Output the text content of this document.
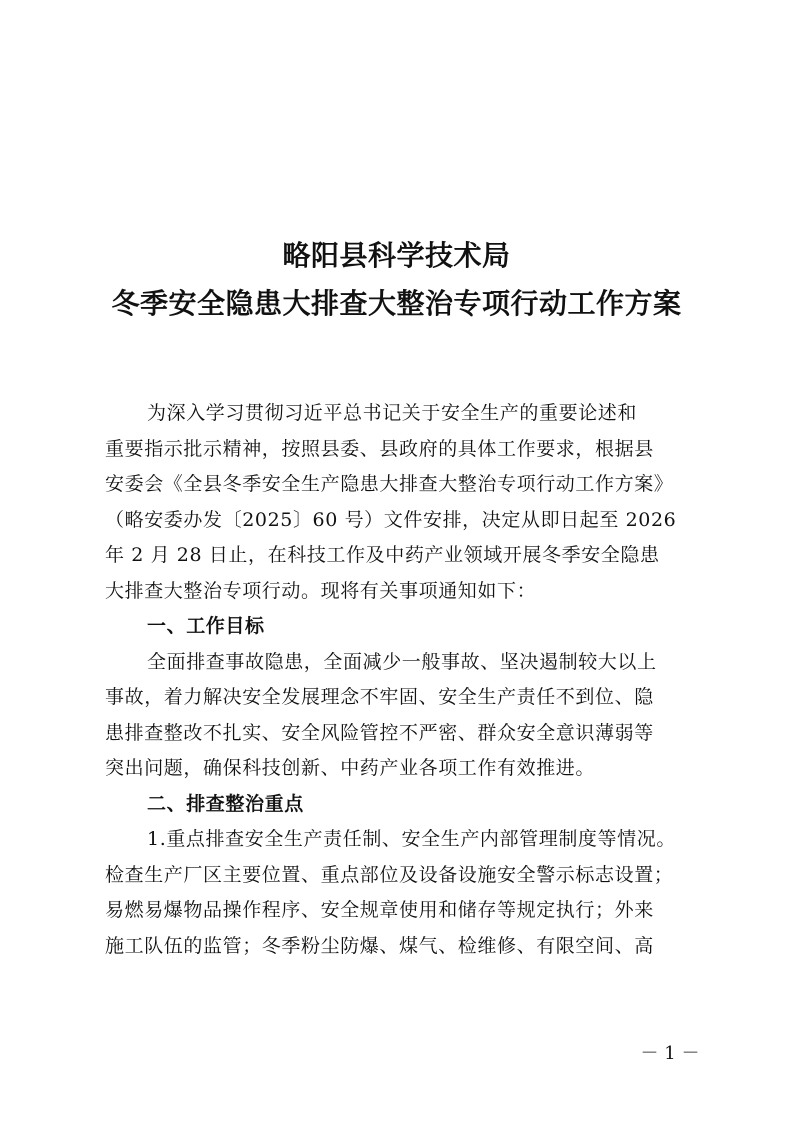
略阳县科学技术局
冬季安全隐患大排查大整治专项行动工作方案
为深入学习贯彻习近平总书记关于安全生产的重要论述和
重要指示批示精神，按照县委、县政府的具体工作要求，根据县
安委会《全县冬季安全生产隐患大排查大整治专项行动工作方案》
（略安委办发〔2025〕60 号）文件安排，决定从即日起至 2026
年 2 月 28 日止，在科技工作及中药产业领域开展冬季安全隐患
大排查大整治专项行动。现将有关事项通知如下：
一、工作目标
全面排查事故隐患，全面减少一般事故、坚决遏制较大以上
事故，着力解决安全发展理念不牢固、安全生产责任不到位、隐
患排查整改不扎实、安全风险管控不严密、群众安全意识薄弱等
突出问题，确保科技创新、中药产业各项工作有效推进。
二、排查整治重点
1.重点排查安全生产责任制、安全生产内部管理制度等情况。
检查生产厂区主要位置、重点部位及设备设施安全警示标志设置；
易燃易爆物品操作程序、安全规章使用和储存等规定执行；外来
施工队伍的监管；冬季粉尘防爆、煤气、检维修、有限空间、高
－ 1 －
